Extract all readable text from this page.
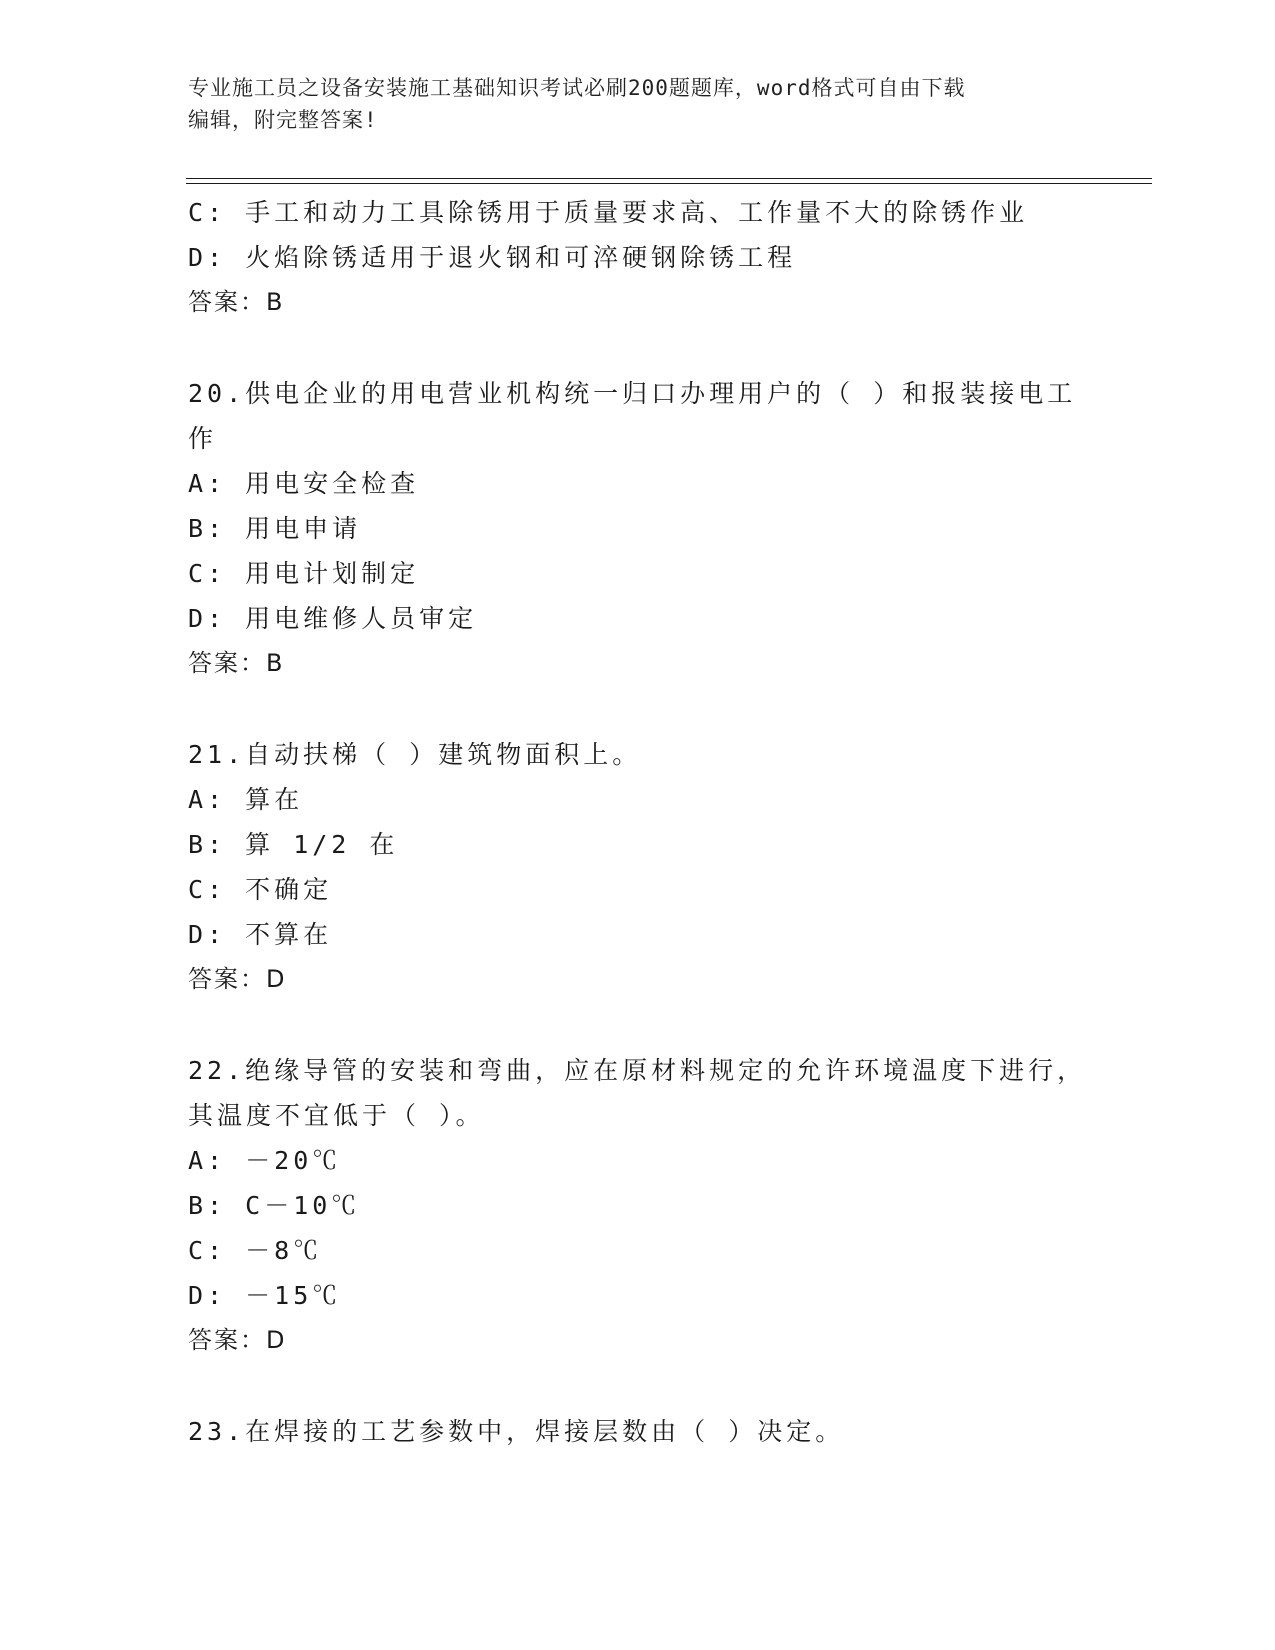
专业施工员之设备安装施工基础知识考试必刷200题题库，word格式可自由下载
编辑，附完整答案!
C: 手工和动力工具除锈用于质量要求高、工作量不大的除锈作业
D: 火焰除锈适用于退火钢和可淬硬钢除锈工程
答案：B
20.供电企业的用电营业机构统一归口办理用户的（ ）和报装接电工
作
A: 用电安全检查
B: 用电申请
C: 用电计划制定
D: 用电维修人员审定
答案：B
21.自动扶梯（ ）建筑物面积上。
A: 算在
B: 算 1/2 在
C: 不确定
D: 不算在
答案：D
22.绝缘导管的安装和弯曲，应在原材料规定的允许环境温度下进行，
其温度不宜低于（ ）。
A: －20℃
B: C－10℃
C: －8℃
D: －15℃
答案：D
23.在焊接的工艺参数中，焊接层数由（ ）决定。
